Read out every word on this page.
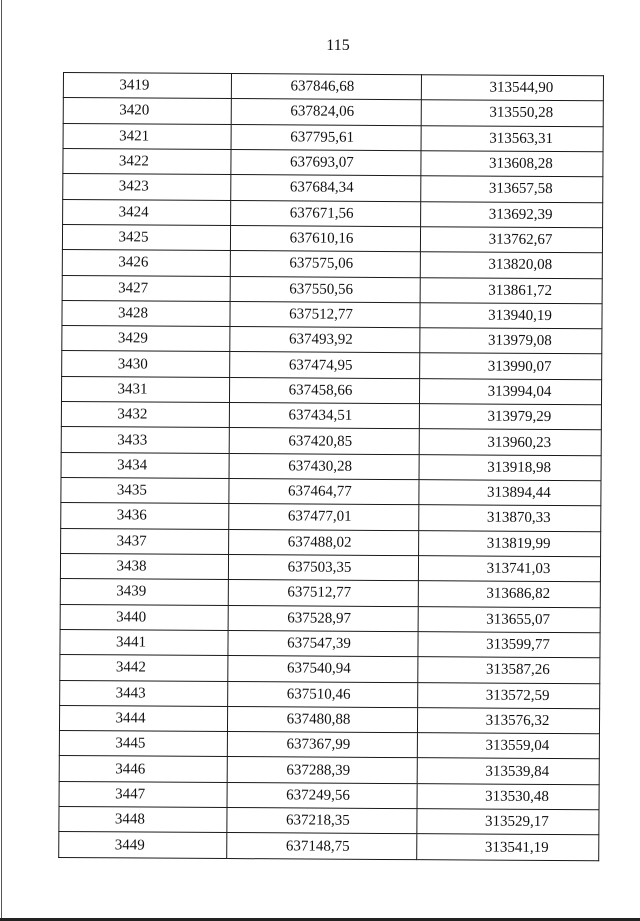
115
3419	637846,68	313544,90
3420	637824,06	313550,28
3421	637795,61	313563,31
3422	637693,07	313608,28
3423	637684,34	313657,58
3424	637671,56	313692,39
3425	637610,16	313762,67
3426	637575,06	313820,08
3427	637550,56	313861,72
3428	637512,77	313940,19
3429	637493,92	313979,08
3430	637474,95	313990,07
3431	637458,66	313994,04
3432	637434,51	313979,29
3433	637420,85	313960,23
3434	637430,28	313918,98
3435	637464,77	313894,44
3436	637477,01	313870,33
3437	637488,02	313819,99
3438	637503,35	313741,03
3439	637512,77	313686,82
3440	637528,97	313655,07
3441	637547,39	313599,77
3442	637540,94	313587,26
3443	637510,46	313572,59
3444	637480,88	313576,32
3445	637367,99	313559,04
3446	637288,39	313539,84
3447	637249,56	313530,48
3448	637218,35	313529,17
3449	637148,75	313541,19
